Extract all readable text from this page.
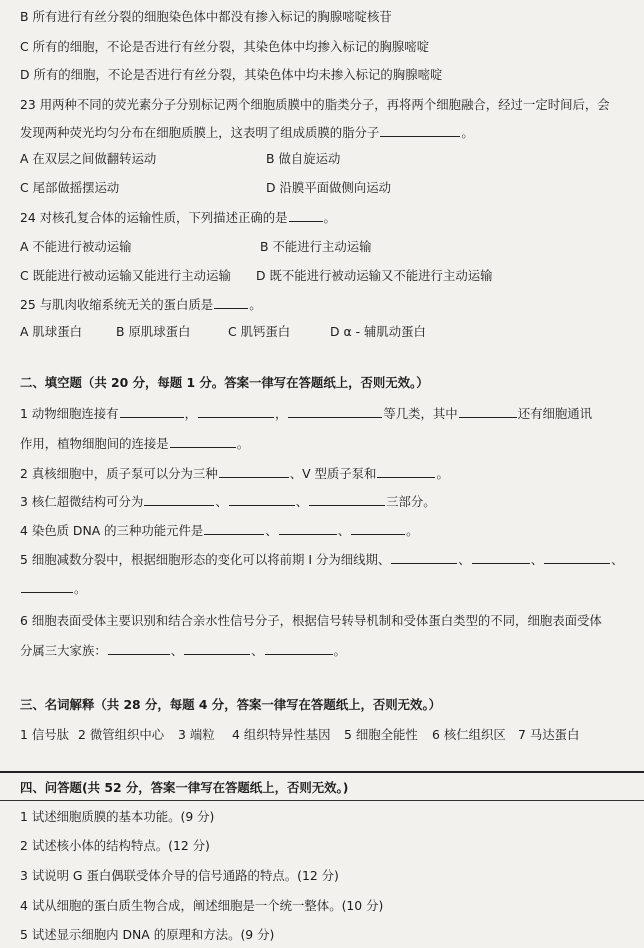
B 所有进行有丝分裂的细胞染色体中都没有掺入标记的胸腺嘧啶核苷
C 所有的细胞，不论是否进行有丝分裂，其染色体中均掺入标记的胸腺嘧啶
D 所有的细胞，不论是否进行有丝分裂，其染色体中均未掺入标记的胸腺嘧啶
23 用两种不同的荧光素分子分别标记两个细胞质膜中的脂类分子，再将两个细胞融合，经过一定时间后，会
发现两种荧光均匀分布在细胞质膜上，这表明了组成质膜的脂分子	。
A 在双层之间做翻转运动	B 做自旋运动
C 尾部做摇摆运动	D 沿膜平面做侧向运动
24 对核孔复合体的运输性质，下列描述正确的是	。
A 不能进行被动运输	B 不能进行主动运输
C 既能进行被动运输又能进行主动运输 D 既不能进行被动运输又不能进行主动运输
25 与肌肉收缩系统无关的蛋白质是	。
A 肌球蛋白	B 原肌球蛋白	C 肌钙蛋白	D α - 辅肌动蛋白
二、填空题（共 20 分，每题 1 分。答案一律写在答题纸上，否则无效。）
1 动物细胞连接有	，	，	等几类，其中	还有细胞通讯
作用，植物细胞间的连接是	。
2 真核细胞中，质子泵可以分为三种	、V 型质子泵和	。
3 核仁超微结构可分为	、	、	三部分。
4 染色质 DNA 的三种功能元件是	、	、	。
5 细胞减数分裂中，根据细胞形态的变化可以将前期 I 分为细线期、	、	、	、
。
6 细胞表面受体主要识别和结合亲水性信号分子，根据信号转导机制和受体蛋白类型的不同，细胞表面受体
分属三大家族：	、	、	。
三、名词解释（共 28 分，每题 4 分，答案一律写在答题纸上，否则无效。）
1 信号肽 2 微管组织中心 3 端粒 4 组织特异性基因 5 细胞全能性 6 核仁组织区 7 马达蛋白
四、问答题(共 52 分，答案一律写在答题纸上，否则无效。)
1 试述细胞质膜的基本功能。(9 分)
2 试述核小体的结构特点。(12 分)
3 试说明 G 蛋白偶联受体介导的信号通路的特点。(12 分)
4 试从细胞的蛋白质生物合成，阐述细胞是一个统一整体。(10 分)
5 试述显示细胞内 DNA 的原理和方法。(9 分)
